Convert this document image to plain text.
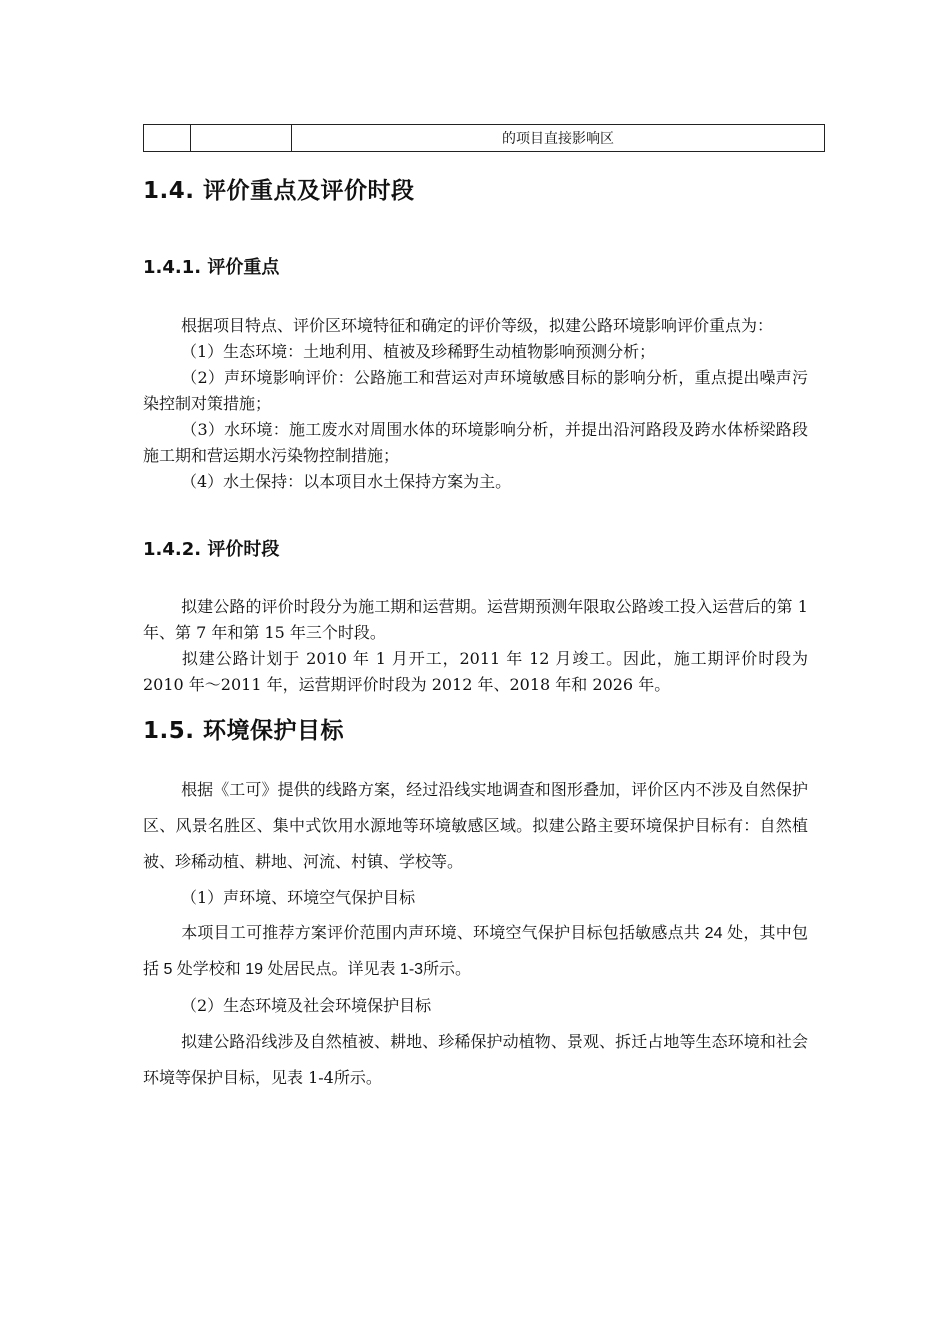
		的项目直接影响区
1.4. 评价重点及评价时段
1.4.1. 评价重点
根据项目特点、评价区环境特征和确定的评价等级，拟建公路环境影响评价重点为：
（1）生态环境：土地利用、植被及珍稀野生动植物影响预测分析；
（2）声环境影响评价：公路施工和营运对声环境敏感目标的影响分析，重点提出噪声污染控制对策措施；
（3）水环境：施工废水对周围水体的环境影响分析，并提出沿河路段及跨水体桥梁路段施工期和营运期水污染物控制措施；
（4）水土保持：以本项目水土保持方案为主。
1.4.2. 评价时段
拟建公路的评价时段分为施工期和运营期。运营期预测年限取公路竣工投入运营后的第 1 年、第 7 年和第 15 年三个时段。
拟建公路计划于 2010 年 1 月开工，2011 年 12 月竣工。因此，施工期评价时段为 2010 年～2011 年，运营期评价时段为 2012 年、2018 年和 2026 年。
1.5. 环境保护目标
根据《工可》提供的线路方案，经过沿线实地调查和图形叠加，评价区内不涉及自然保护区、风景名胜区、集中式饮用水源地等环境敏感区域。拟建公路主要环境保护目标有：自然植被、珍稀动植、耕地、河流、村镇、学校等。
（1）声环境、环境空气保护目标
本项目工可推荐方案评价范围内声环境、环境空气保护目标包括敏感点共 24 处，其中包括 5 处学校和 19 处居民点。详见表 1-3所示。
（2）生态环境及社会环境保护目标
拟建公路沿线涉及自然植被、耕地、珍稀保护动植物、景观、拆迁占地等生态环境和社会环境等保护目标，见表 1-4所示。
